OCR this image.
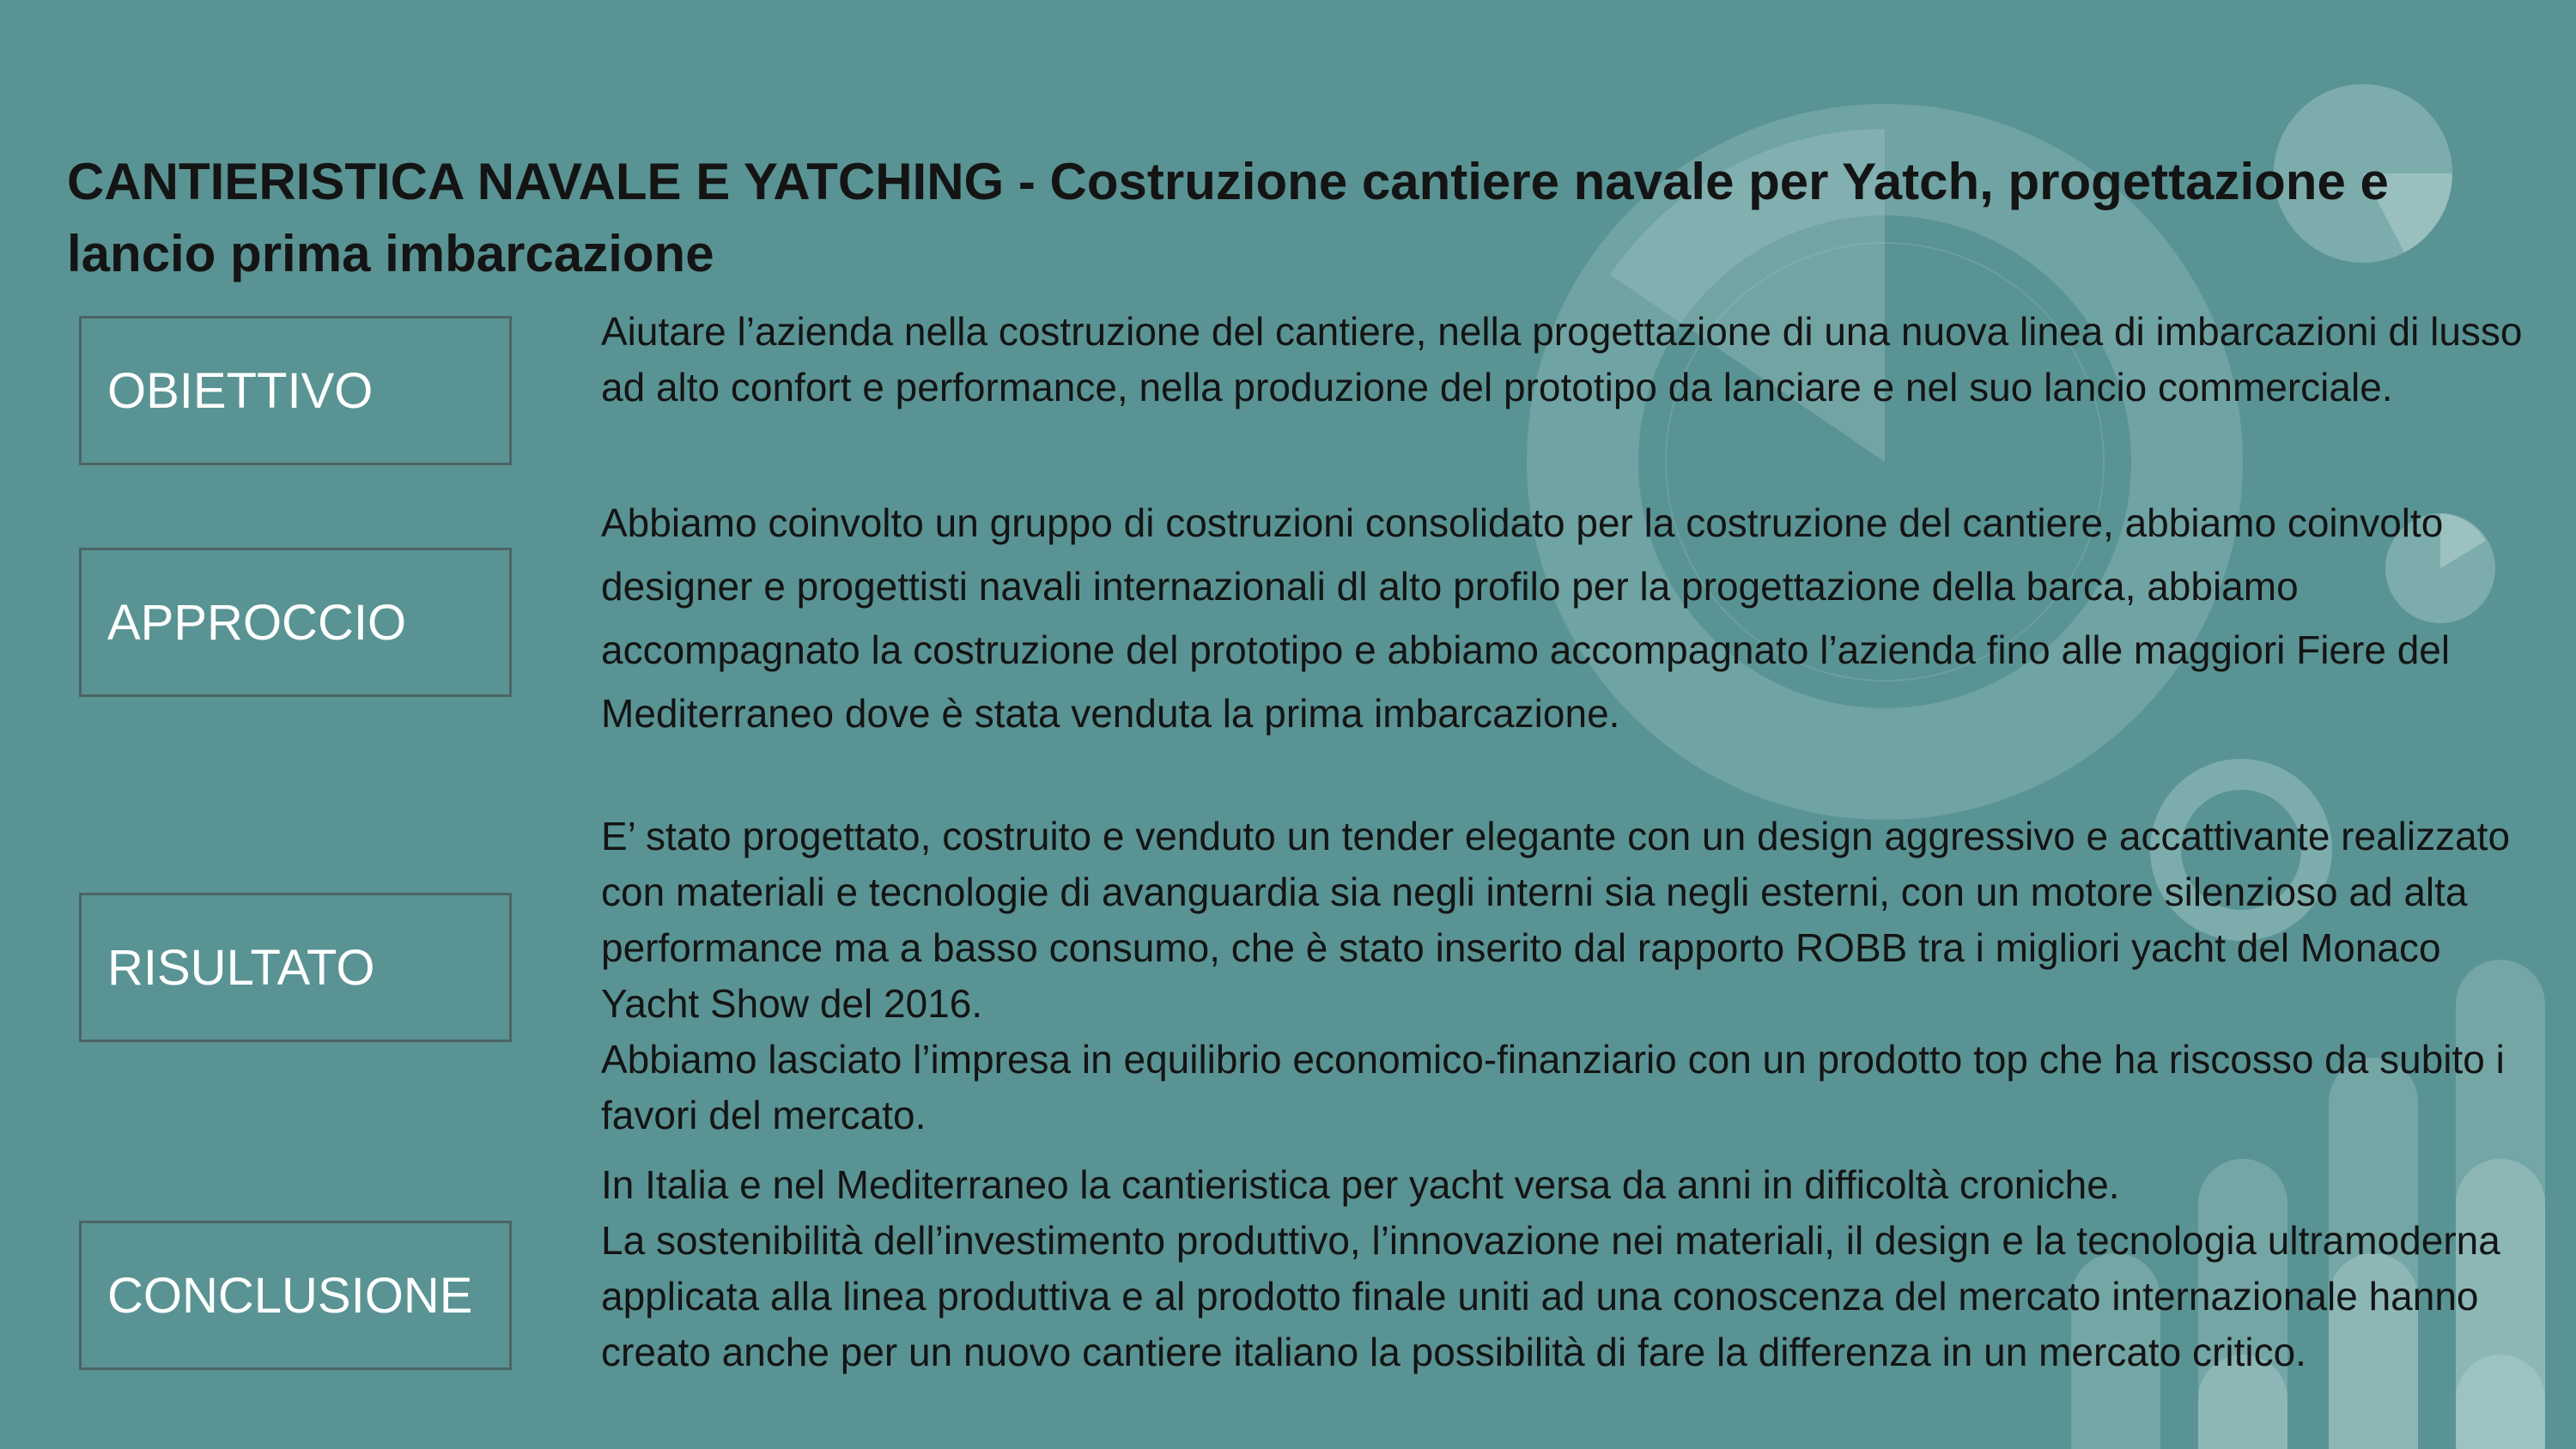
CANTIERISTICA NAVALE E YATCHING - Costruzione cantiere navale per Yatch, progettazione e lancio prima imbarcazione
OBIETTIVO

Aiutare l’azienda nella costruzione del cantiere, nella progettazione di una nuova linea di imbarcazioni di lusso ad alto confort e performance, nella produzione del prototipo da lanciare e nel suo lancio commerciale.

APPROCCIO

Abbiamo coinvolto un gruppo di costruzioni consolidato per la costruzione del cantiere, abbiamo coinvolto designer e progettisti navali internazionali dl alto profilo per la progettazione della barca, abbiamo accompagnato la costruzione del prototipo e abbiamo accompagnato l’azienda fino alle maggiori Fiere del Mediterraneo dove è stata venduta la prima imbarcazione.

RISULTATO

E’ stato progettato, costruito e venduto un tender elegante con un design aggressivo e accattivante realizzato con materiali e tecnologie di avanguardia sia negli interni sia negli esterni, con un motore silenzioso ad alta performance ma a basso consumo, che è stato inserito dal rapporto ROBB tra i migliori yacht del Monaco Yacht Show del 2016.

Abbiamo lasciato l’impresa in equilibrio economico-finanziario con un prodotto top che ha riscosso da subito i favori del mercato.

CONCLUSIONE

In Italia e nel Mediterraneo la cantieristica per yacht versa da anni in difficoltà croniche.

La sostenibilità dell’investimento produttivo, l’innovazione nei materiali, il design e la tecnologia ultramoderna applicata alla linea produttiva e al prodotto finale uniti ad una conoscenza del mercato internazionale hanno creato anche per un nuovo cantiere italiano la possibilità di fare la differenza in un mercato critico.
